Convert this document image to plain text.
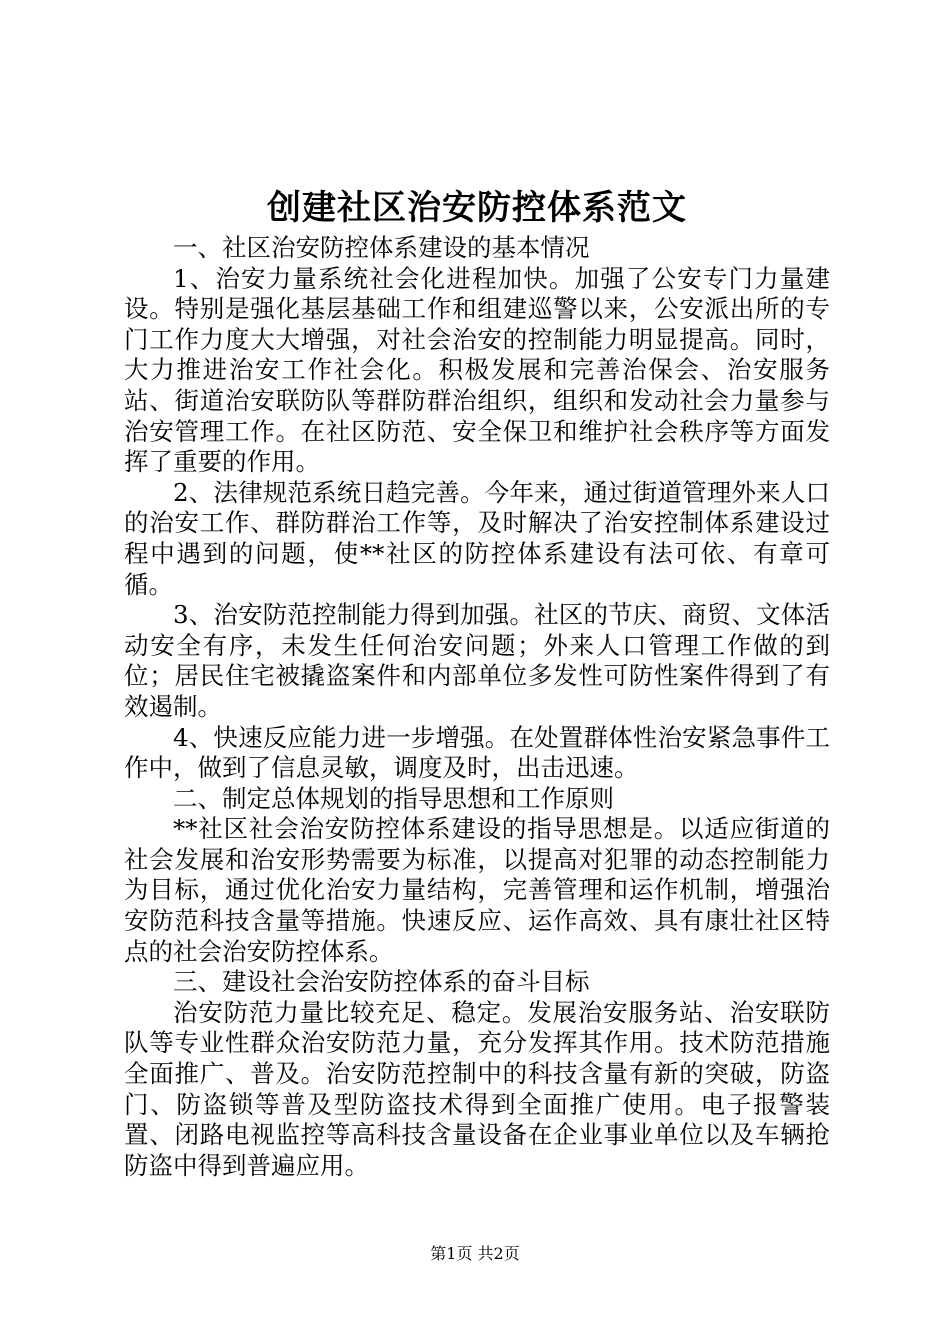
创建社区治安防控体系范文

一、社区治安防控体系建设的基本情况

1、治安力量系统社会化进程加快。加强了公安专门力量建设。特别是强化基层基础工作和组建巡警以来，公安派出所的专门工作力度大大增强，对社会治安的控制能力明显提高。同时，大力推进治安工作社会化。积极发展和完善治保会、治安服务站、街道治安联防队等群防群治组织，组织和发动社会力量参与治安管理工作。在社区防范、安全保卫和维护社会秩序等方面发挥了重要的作用。

2、法律规范系统日趋完善。今年来，通过街道管理外来人口的治安工作、群防群治工作等，及时解决了治安控制体系建设过程中遇到的问题，使**社区的防控体系建设有法可依、有章可循。

3、治安防范控制能力得到加强。社区的节庆、商贸、文体活动安全有序，未发生任何治安问题；外来人口管理工作做的到位；居民住宅被撬盗案件和内部单位多发性可防性案件得到了有效遏制。

4、快速反应能力进一步增强。在处置群体性治安紧急事件工作中，做到了信息灵敏，调度及时，出击迅速。

二、制定总体规划的指导思想和工作原则

**社区社会治安防控体系建设的指导思想是。以适应街道的社会发展和治安形势需要为标准，以提高对犯罪的动态控制能力为目标，通过优化治安力量结构，完善管理和运作机制，增强治安防范科技含量等措施。快速反应、运作高效、具有康壮社区特点的社会治安防控体系。

三、建设社会治安防控体系的奋斗目标

治安防范力量比较充足、稳定。发展治安服务站、治安联防队等专业性群众治安防范力量，充分发挥其作用。技术防范措施全面推广、普及。治安防范控制中的科技含量有新的突破，防盗门、防盗锁等普及型防盗技术得到全面推广使用。电子报警装置、闭路电视监控等高科技含量设备在企业事业单位以及车辆抢防盗中得到普遍应用。

第1页 共2页
